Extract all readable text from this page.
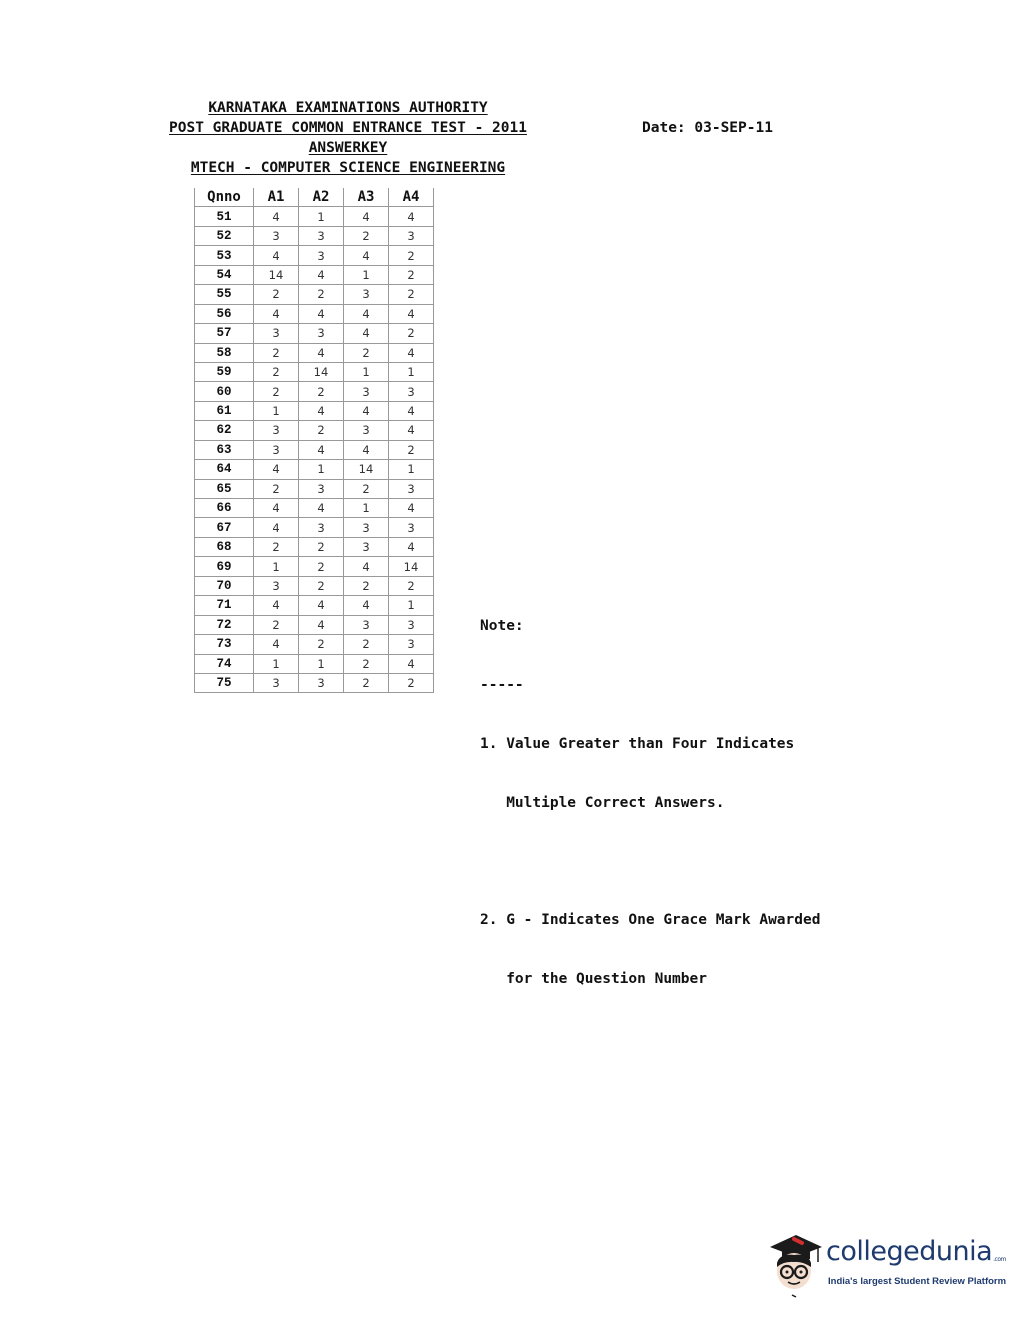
KARNATAKA EXAMINATIONS AUTHORITY
POST GRADUATE COMMON ENTRANCE TEST - 2011
ANSWERKEY
MTECH - COMPUTER SCIENCE ENGINEERING
Date: 03-SEP-11
Qnno	A1	A2	A3	A4
51	4	1	4	4
52	3	3	2	3
53	4	3	4	2
54	14	4	1	2
55	2	2	3	2
56	4	4	4	4
57	3	3	4	2
58	2	4	2	4
59	2	14	1	1
60	2	2	3	3
61	1	4	4	4
62	3	2	3	4
63	3	4	4	2
64	4	1	14	1
65	2	3	2	3
66	4	4	1	4
67	4	3	3	3
68	2	2	3	4
69	1	2	4	14
70	3	2	2	2
71	4	4	4	1
72	2	4	3	3
73	4	2	2	3
74	1	1	2	4
75	3	3	2	2

Note:

-----

1. Value Greater than Four Indicates

Multiple Correct Answers.

2. G - Indicates One Grace Mark Awarded

for the Question Number

collegedunia$^{.com}$
India's largest Student Review Platform
